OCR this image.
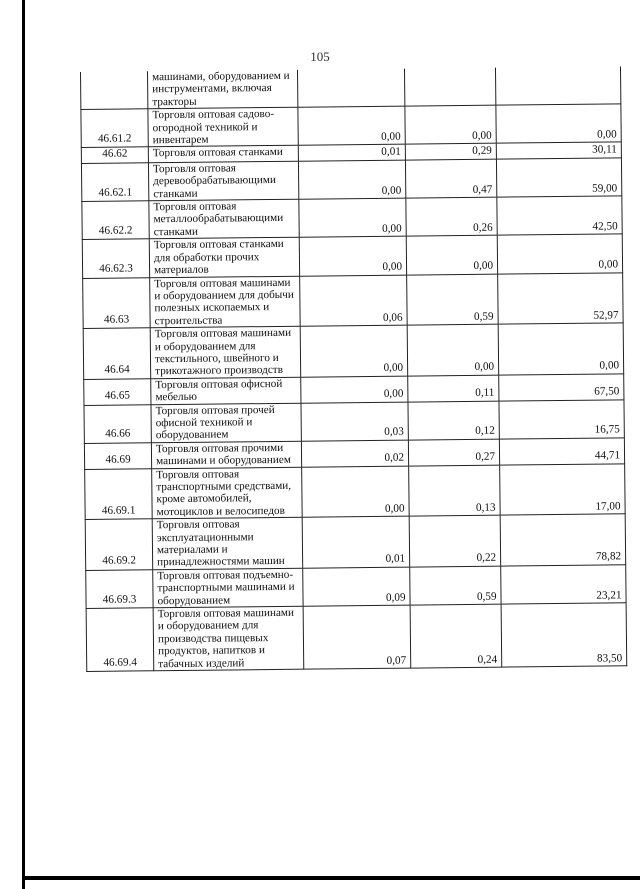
105
	машинами, оборудованием и инструментами, включая тракторы			
46.61.2	Торговля оптовая садово-огородной техникой и инвентарем	0,00	0,00	0,00
46.62	Торговля оптовая станками	0,01	0,29	30,11
46.62.1	Торговля оптовая деревообрабатывающими станками	0,00	0,47	59,00
46.62.2	Торговля оптовая металлообрабатывающими станками	0,00	0,26	42,50
46.62.3	Торговля оптовая станками для обработки прочих материалов	0,00	0,00	0,00
46.63	Торговля оптовая машинами и оборудованием для добычи полезных ископаемых и строительства	0,06	0,59	52,97
46.64	Торговля оптовая машинами и оборудованием для текстильного, швейного и трикотажного производств	0,00	0,00	0,00
46.65	Торговля оптовая офисной мебелью	0,00	0,11	67,50
46.66	Торговля оптовая прочей офисной техникой и оборудованием	0,03	0,12	16,75
46.69	Торговля оптовая прочими машинами и оборудованием	0,02	0,27	44,71
46.69.1	Торговля оптовая транспортными средствами, кроме автомобилей, мотоциклов и велосипедов	0,00	0,13	17,00
46.69.2	Торговля оптовая эксплуатационными материалами и принадлежностями машин	0,01	0,22	78,82
46.69.3	Торговля оптовая подъемно-транспортными машинами и оборудованием	0,09	0,59	23,21
46.69.4	Торговля оптовая машинами и оборудованием для производства пищевых продуктов, напитков и табачных изделий	0,07	0,24	83,50
